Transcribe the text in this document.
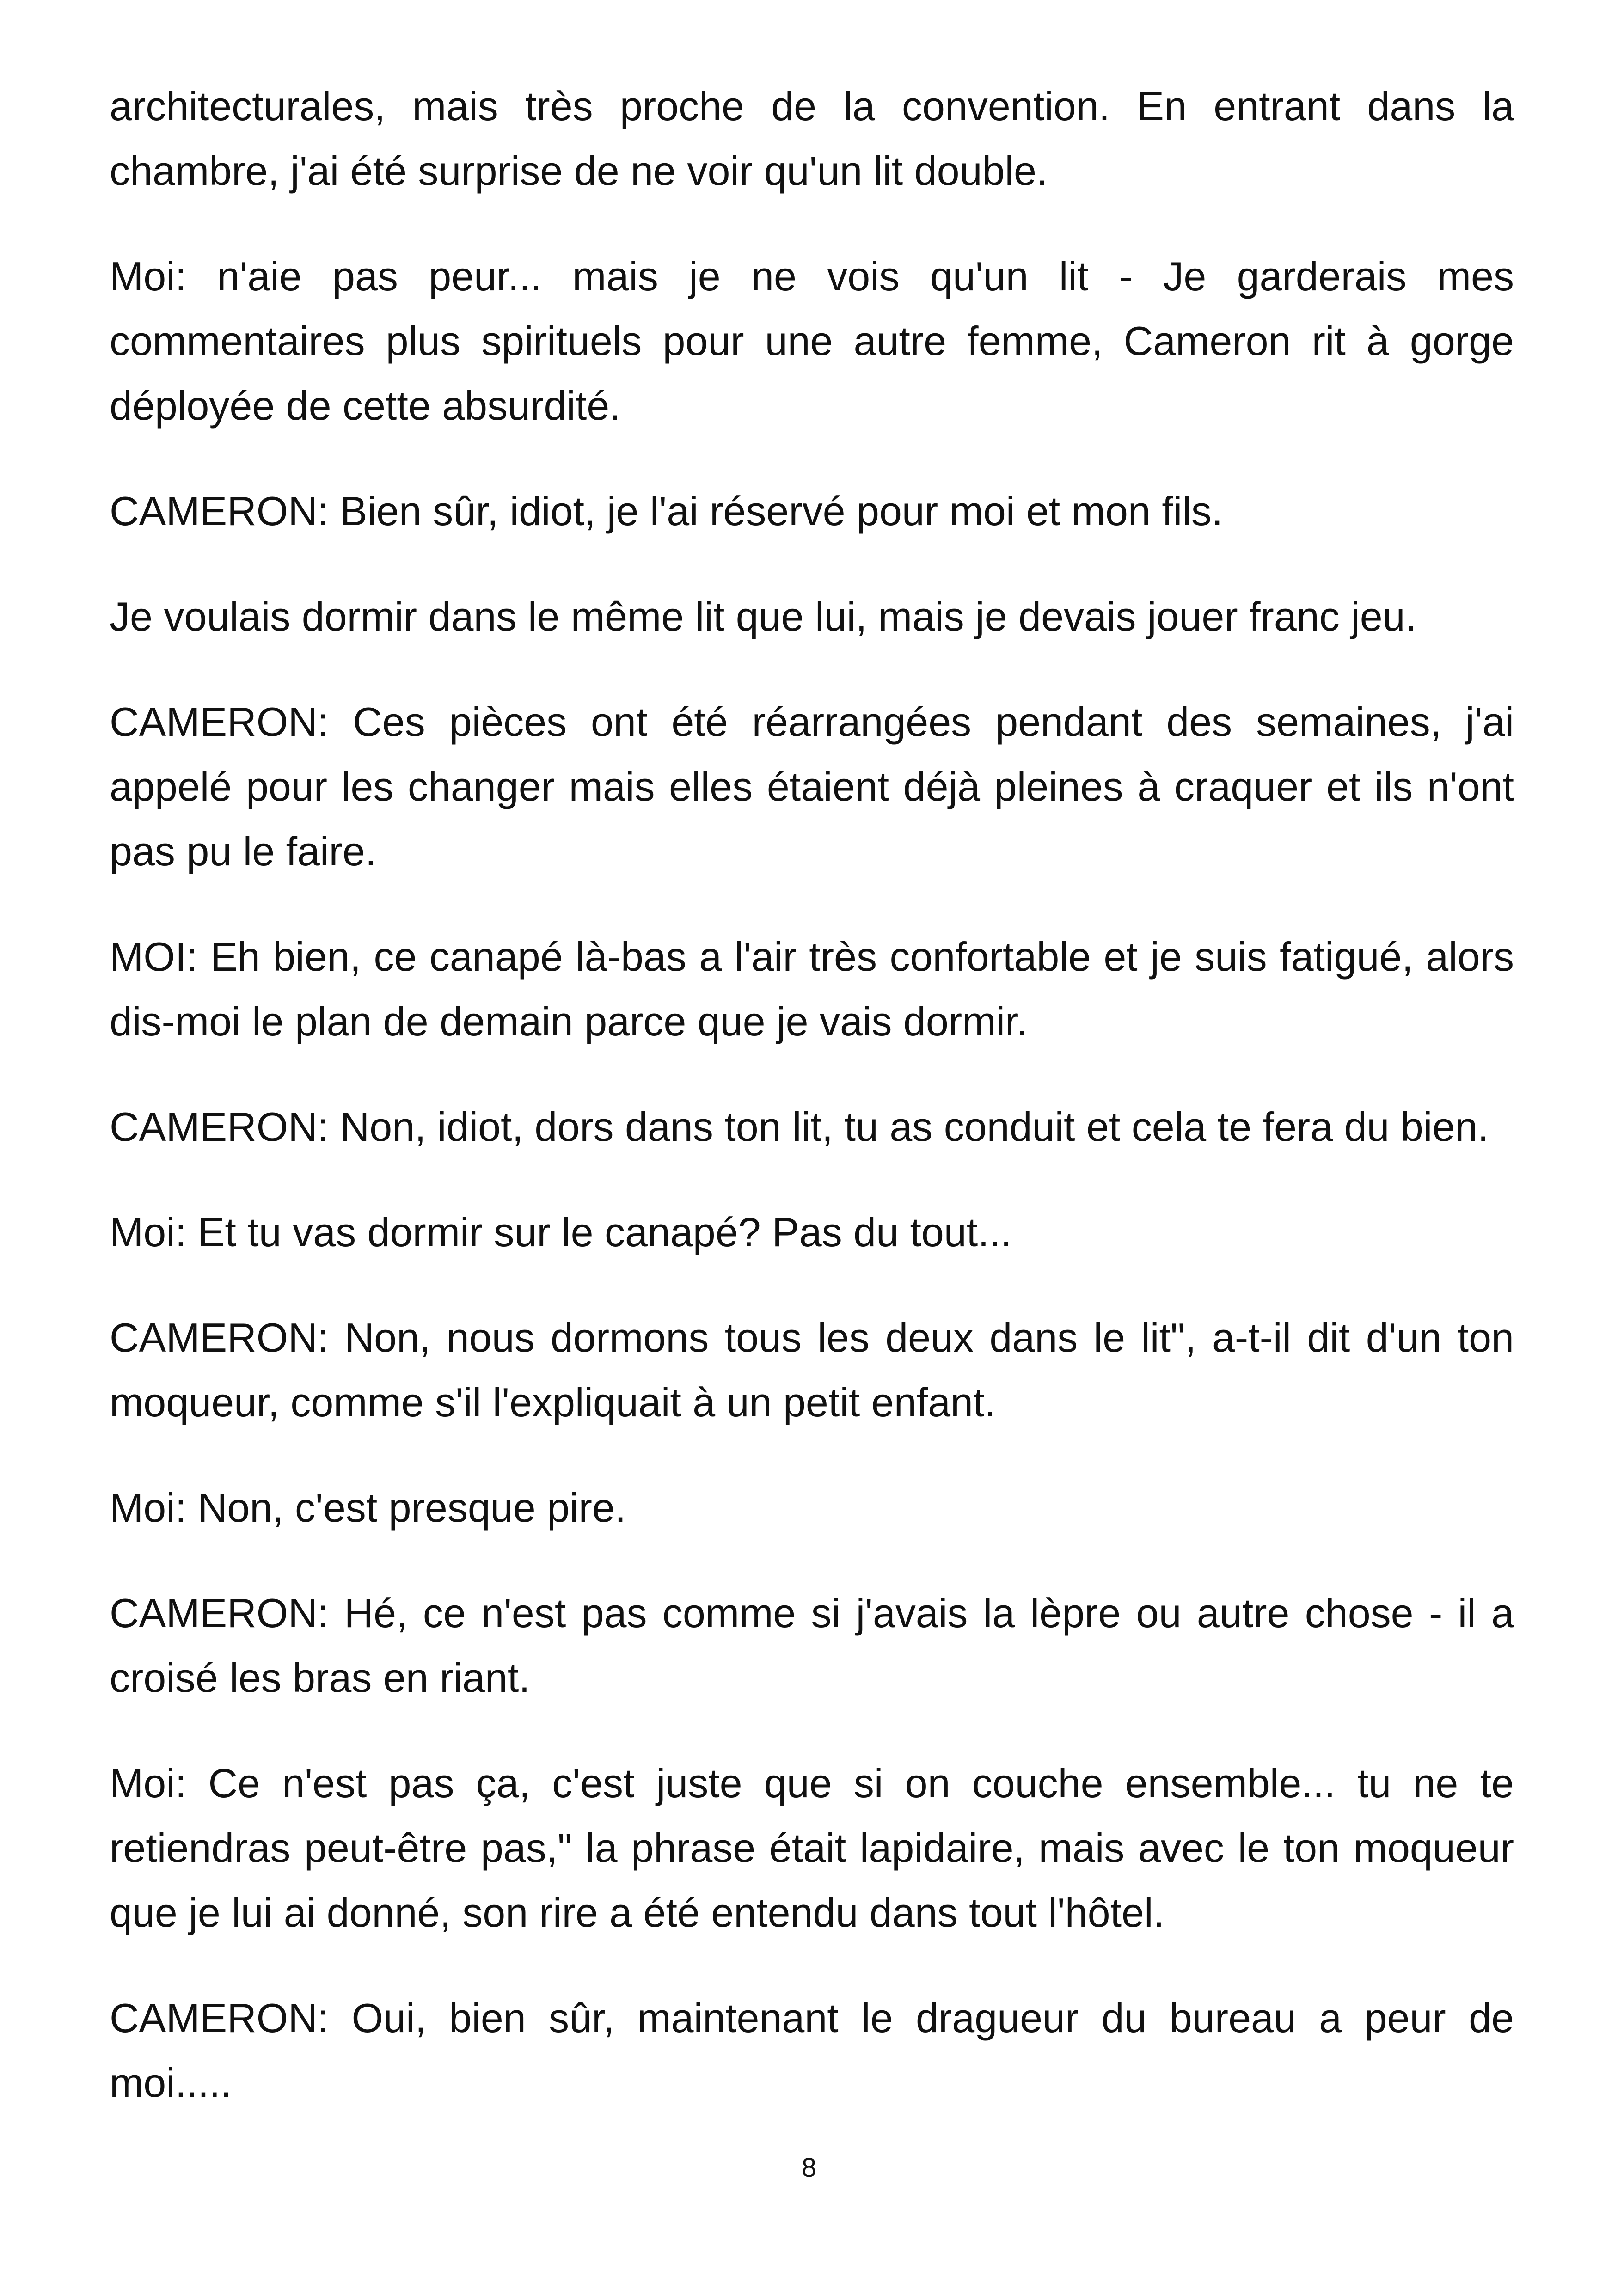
architecturales, mais très proche de la convention. En entrant dans la chambre, j'ai été surprise de ne voir qu'un lit double.

Moi: n'aie pas peur... mais je ne vois qu'un lit - Je garderais mes commentaires plus spirituels pour une autre femme, Cameron rit à gorge déployée de cette absurdité.

CAMERON: Bien sûr, idiot, je l'ai réservé pour moi et mon fils.

Je voulais dormir dans le même lit que lui, mais je devais jouer franc jeu.

CAMERON: Ces pièces ont été réarrangées pendant des semaines, j'ai appelé pour les changer mais elles étaient déjà pleines à craquer et ils n'ont pas pu le faire.

MOI: Eh bien, ce canapé là-bas a l'air très confortable et je suis fatigué, alors dis-moi le plan de demain parce que je vais dormir.

CAMERON: Non, idiot, dors dans ton lit, tu as conduit et cela te fera du bien.

Moi: Et tu vas dormir sur le canapé? Pas du tout...

CAMERON: Non, nous dormons tous les deux dans le lit", a-t-il dit d'un ton moqueur, comme s'il l'expliquait à un petit enfant.

Moi: Non, c'est presque pire.

CAMERON: Hé, ce n'est pas comme si j'avais la lèpre ou autre chose - il a croisé les bras en riant.

Moi: Ce n'est pas ça, c'est juste que si on couche ensemble... tu ne te retiendras peut-être pas," la phrase était lapidaire, mais avec le ton moqueur que je lui ai donné, son rire a été entendu dans tout l'hôtel.

CAMERON: Oui, bien sûr, maintenant le dragueur du bureau a peur de moi.....

8
